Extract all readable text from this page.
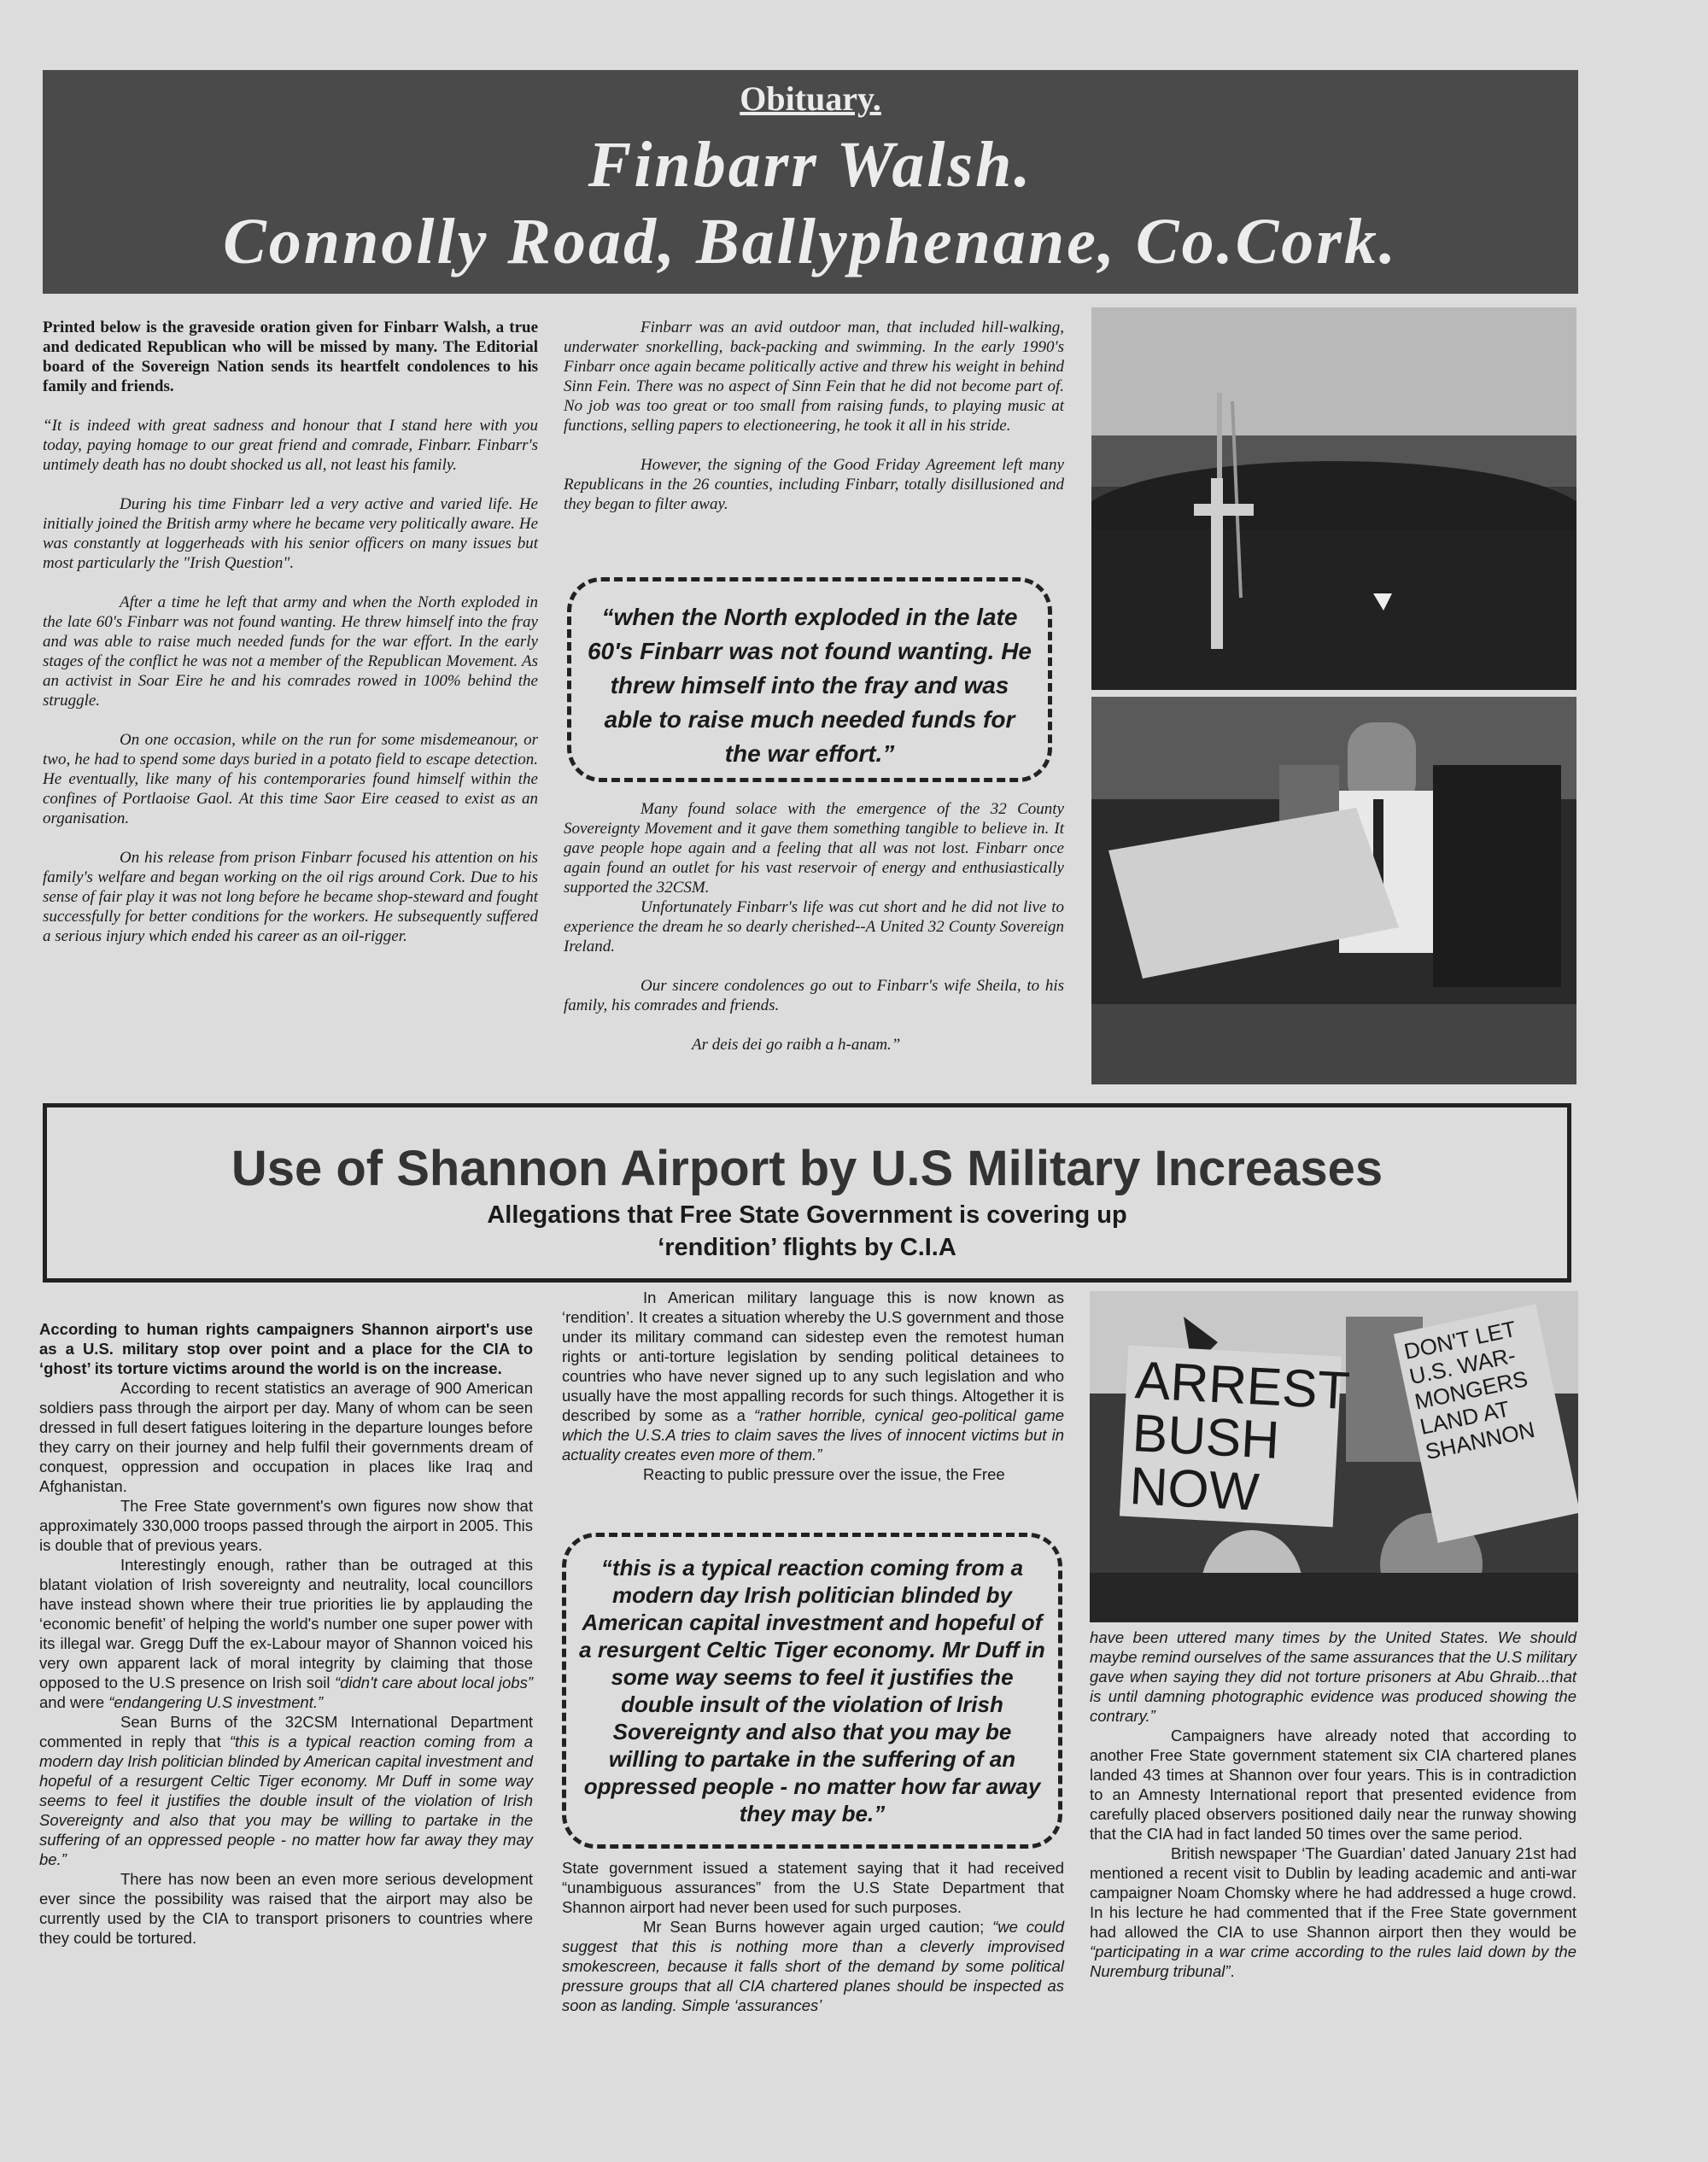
Obituary.
Finbarr Walsh.
Connolly Road, Ballyphenane, Co.Cork.

Printed below is the graveside oration given for Finbarr Walsh, a true and dedicated Republican who will be missed by many. The Editorial board of the Sovereign Nation sends its heartfelt condolences to his family and friends.

“It is indeed with great sadness and honour that I stand here with you today, paying homage to our great friend and comrade, Finbarr. Finbarr's untimely death has no doubt shocked us all, not least his family.

During his time Finbarr led a very active and varied life. He initially joined the British army where he became very politically aware. He was constantly at loggerheads with his senior officers on many issues but most particularly the "Irish Question".

After a time he left that army and when the North exploded in the late 60's Finbarr was not found wanting. He threw himself into the fray and was able to raise much needed funds for the war effort. In the early stages of the conflict he was not a member of the Republican Movement. As an activist in Soar Eire he and his comrades rowed in 100% behind the struggle.

On one occasion, while on the run for some misdemeanour, or two, he had to spend some days buried in a potato field to escape detection. He eventually, like many of his contemporaries found himself within the confines of Portlaoise Gaol. At this time Saor Eire ceased to exist as an organisation.

On his release from prison Finbarr focused his attention on his family's welfare and began working on the oil rigs around Cork. Due to his sense of fair play it was not long before he became shop-steward and fought successfully for better conditions for the workers. He subsequently suffered a serious injury which ended his career as an oil-rigger.

Finbarr was an avid outdoor man, that included hill-walking, underwater snorkelling, back-packing and swimming. In the early 1990's Finbarr once again became politically active and threw his weight in behind Sinn Fein. There was no aspect of Sinn Fein that he did not become part of. No job was too great or too small from raising funds, to playing music at functions, selling papers to electioneering, he took it all in his stride.

However, the signing of the Good Friday Agreement left many Republicans in the 26 counties, including Finbarr, totally disillusioned and they began to filter away.

“when the North exploded in the late 60's Finbarr was not found wanting. He threw himself into the fray and was able to raise much needed funds for the war effort.”

Many found solace with the emergence of the 32 County Sovereignty Movement and it gave them something tangible to believe in. It gave people hope again and a feeling that all was not lost. Finbarr once again found an outlet for his vast reservoir of energy and enthusiastically supported the 32CSM.

Unfortunately Finbarr's life was cut short and he did not live to experience the dream he so dearly cherished--A United 32 County Sovereign Ireland.

Our sincere condolences go out to Finbarr's wife Sheila, to his family, his comrades and friends.

Ar deis dei go raibh a h-anam.”

Use of Shannon Airport by U.S Military Increases
Allegations that Free State Government is covering up
‘rendition’ flights by C.I.A

According to human rights campaigners Shannon airport's use as a U.S. military stop over point and a place for the CIA to ‘ghost’ its torture victims around the world is on the increase.

According to recent statistics an average of 900 American soldiers pass through the airport per day. Many of whom can be seen dressed in full desert fatigues loitering in the departure lounges before they carry on their journey and help fulfil their governments dream of conquest, oppression and occupation in places like Iraq and Afghanistan.

The Free State government's own figures now show that approximately 330,000 troops passed through the airport in 2005. This is double that of previous years.

Interestingly enough, rather than be outraged at this blatant violation of Irish sovereignty and neutrality, local councillors have instead shown where their true priorities lie by applauding the ‘economic benefit’ of helping the world's number one super power with its illegal war. Gregg Duff the ex-Labour mayor of Shannon voiced his very own apparent lack of moral integrity by claiming that those opposed to the U.S presence on Irish soil “didn't care about local jobs” and were “endangering U.S investment.”

Sean Burns of the 32CSM International Department commented in reply that “this is a typical reaction coming from a modern day Irish politician blinded by American capital investment and hopeful of a resurgent Celtic Tiger economy. Mr Duff in some way seems to feel it justifies the double insult of the violation of Irish Sovereignty and also that you may be willing to partake in the suffering of an oppressed people - no matter how far away they may be.”

There has now been an even more serious development ever since the possibility was raised that the airport may also be currently used by the CIA to transport prisoners to countries where they could be tortured.

In American military language this is now known as ‘rendition’. It creates a situation whereby the U.S government and those under its military command can sidestep even the remotest human rights or anti-torture legislation by sending political detainees to countries who have never signed up to any such legislation and who usually have the most appalling records for such things. Altogether it is described by some as a “rather horrible, cynical geo-political game which the U.S.A tries to claim saves the lives of innocent victims but in actuality creates even more of them.”

Reacting to public pressure over the issue, the Free

“this is a typical reaction coming from a modern day Irish politician blinded by American capital investment and hopeful of a resurgent Celtic Tiger economy. Mr Duff in some way seems to feel it justifies the double insult of the violation of Irish Sovereignty and also that you may be willing to partake in the suffering of an oppressed people - no matter how far away they may be.”

State government issued a statement saying that it had received “unambiguous assurances” from the U.S State Department that Shannon airport had never been used for such purposes.

Mr Sean Burns however again urged caution; “we could suggest that this is nothing more than a cleverly improvised smokescreen, because it falls short of the demand by some political pressure groups that all CIA chartered planes should be inspected as soon as landing. Simple ‘assurances’

ARREST BUSH NOW
DON'T LET U.S. WAR-MONGERS LAND AT SHANNON

have been uttered many times by the United States. We should maybe remind ourselves of the same assurances that the U.S military gave when saying they did not torture prisoners at Abu Ghraib...that is until damning photographic evidence was produced showing the contrary.”

Campaigners have already noted that according to another Free State government statement six CIA chartered planes landed 43 times at Shannon over four years. This is in contradiction to an Amnesty International report that presented evidence from carefully placed observers positioned daily near the runway showing that the CIA had in fact landed 50 times over the same period.

British newspaper ‘The Guardian’ dated January 21st had mentioned a recent visit to Dublin by leading academic and anti-war campaigner Noam Chomsky where he had addressed a huge crowd. In his lecture he had commented that if the Free State government had allowed the CIA to use Shannon airport then they would be “participating in a war crime according to the rules laid down by the Nuremburg tribunal”.
